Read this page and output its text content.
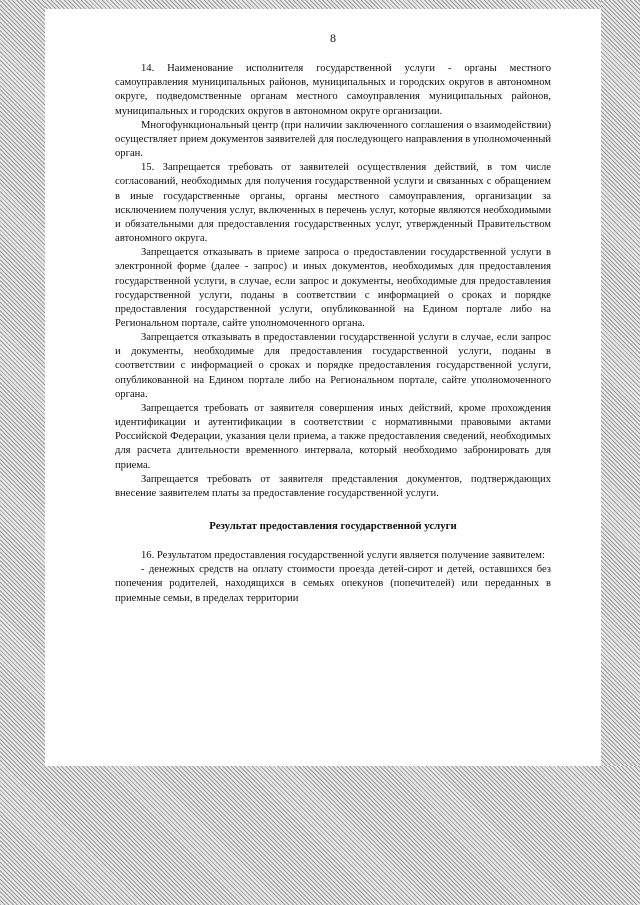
8

14. Наименование исполнителя государственной услуги - органы местного самоуправления муниципальных районов, муниципальных и городских округов в автономном округе, подведомственные органам местного самоуправления муниципальных районов, муниципальных и городских округов в автономном округе организации.

Многофункциональный центр (при наличии заключенного соглашения о взаимодействии) осуществляет прием документов заявителей для последующего направления в уполномоченный орган.

15. Запрещается требовать от заявителей осуществления действий, в том числе согласований, необходимых для получения государственной услуги и связанных с обращением в иные государственные органы, органы местного самоуправления, организации за исключением получения услуг, включенных в перечень услуг, которые являются необходимыми и обязательными для предоставления государственных услуг, утвержденный Правительством автономного округа.

Запрещается отказывать в приеме запроса о предоставлении государственной услуги в электронной форме (далее - запрос) и иных документов, необходимых для предоставления государственной услуги, в случае, если запрос и документы, необходимые для предоставления государственной услуги, поданы в соответствии с информацией о сроках и порядке предоставления государственной услуги, опубликованной на Едином портале либо на Региональном портале, сайте уполномоченного органа.

Запрещается отказывать в предоставлении государственной услуги в случае, если запрос и документы, необходимые для предоставления государственной услуги, поданы в соответствии с информацией о сроках и порядке предоставления государственной услуги, опубликованной на Едином портале либо на Региональном портале, сайте уполномоченного органа.

Запрещается требовать от заявителя совершения иных действий, кроме прохождения идентификации и аутентификации в соответствии с нормативными правовыми актами Российской Федерации, указания цели приема, а также предоставления сведений, необходимых для расчета длительности временного интервала, который необходимо забронировать для приема.

Запрещается требовать от заявителя представления документов, подтверждающих внесение заявителем платы за предоставление государственной услуги.

Результат предоставления государственной услуги

16. Результатом предоставления государственной услуги является получение заявителем:

- денежных средств на оплату стоимости проезда детей-сирот и детей, оставшихся без попечения родителей, находящихся в семьях опекунов (попечителей) или переданных в приемные семьи, в пределах территории
